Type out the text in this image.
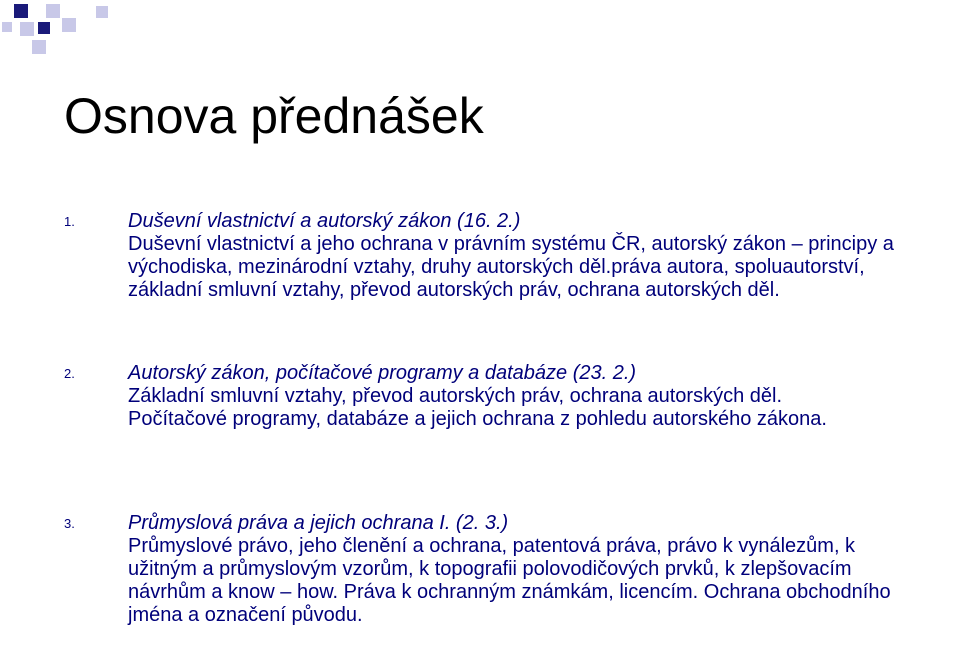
Osnova přednášek
1.	Duševní vlastnictví a autorský zákon (16. 2.)
Duševní vlastnictví a jeho ochrana v právním systému ČR, autorský zákon – principy a východiska, mezinárodní vztahy, druhy autorských děl.práva autora, spoluautorství, základní smluvní vztahy, převod autorských práv, ochrana autorských děl.
2.	Autorský zákon, počítačové programy a databáze (23. 2.)
Základní smluvní vztahy, převod autorských práv, ochrana autorských děl.
Počítačové programy, databáze a jejich ochrana z pohledu autorského zákona.
3.	Průmyslová práva a jejich ochrana I. (2. 3.)
Průmyslové právo, jeho členění a ochrana, patentová práva, právo k vynálezům, k užitným a průmyslovým vzorům, k topografii polovodičových prvků, k zlepšovacím návrhům a know – how. Práva k ochranným známkám, licencím. Ochrana obchodního jména a označení původu.
